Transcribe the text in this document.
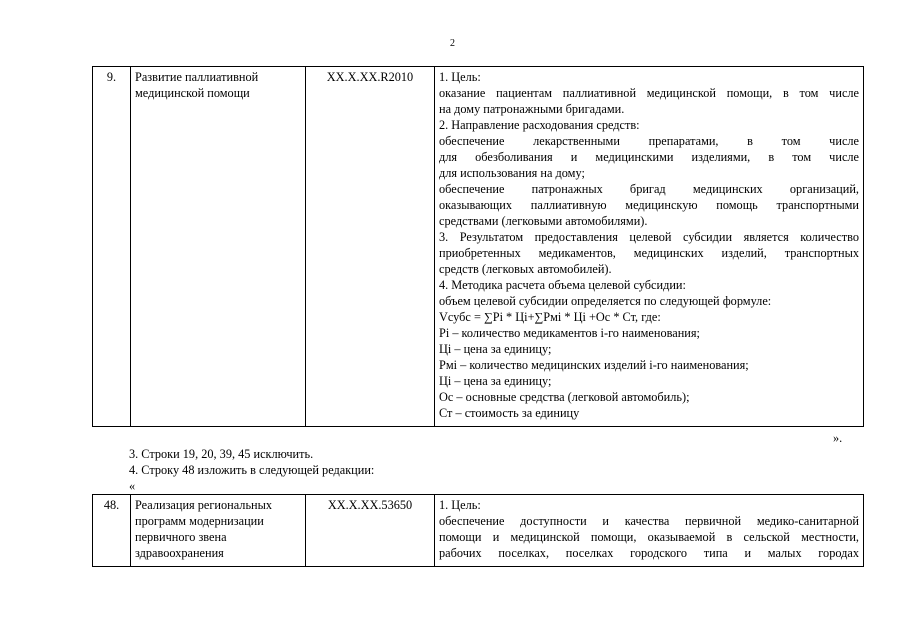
2
9.	Развитие паллиативной
медицинской помощи
	XX.X.XX.R2010	1. Цель:
оказание пациентам паллиативной медицинской помощи, в том числе
на дому патронажными бригадами.
2. Направление расходования средств:
обеспечение лекарственными препаратами, в том числе
для обезболивания и медицинскими изделиями, в том числе
для использования на дому;
обеспечение патронажных бригад медицинских организаций,
оказывающих паллиативную медицинскую помощь транспортными
средствами (легковыми автомобилями).
3. Результатом предоставления целевой субсидии является количество
приобретенных медикаментов, медицинских изделий, транспортных
средств (легковых автомобилей).
4. Методика расчета объема целевой субсидии:
объем целевой субсидии определяется по следующей формуле:
Vсубс = ∑Pi * Цi+∑Pмi * Цi +Oc * Ст, где:
Pi – количество медикаментов i-го наименования;
Цi – цена за единицу;
Pмi – количество медицинских изделий i-го наименования;
Цi – цена за единицу;
Ос – основные средства (легковой автомобиль);
Ст – стоимость за единицу

».

3. Строки 19, 20, 39, 45 исключить.

4. Строку 48 изложить в следующей редакции:

«

48.	Реализация региональных
программ модернизации
первичного звена
здравоохранения
	XX.X.XX.53650	1. Цель:
обеспечение доступности и качества первичной медико-санитарной
помощи и медицинской помощи, оказываемой в сельской местности,
рабочих поселках, поселках городского типа и малых городах
